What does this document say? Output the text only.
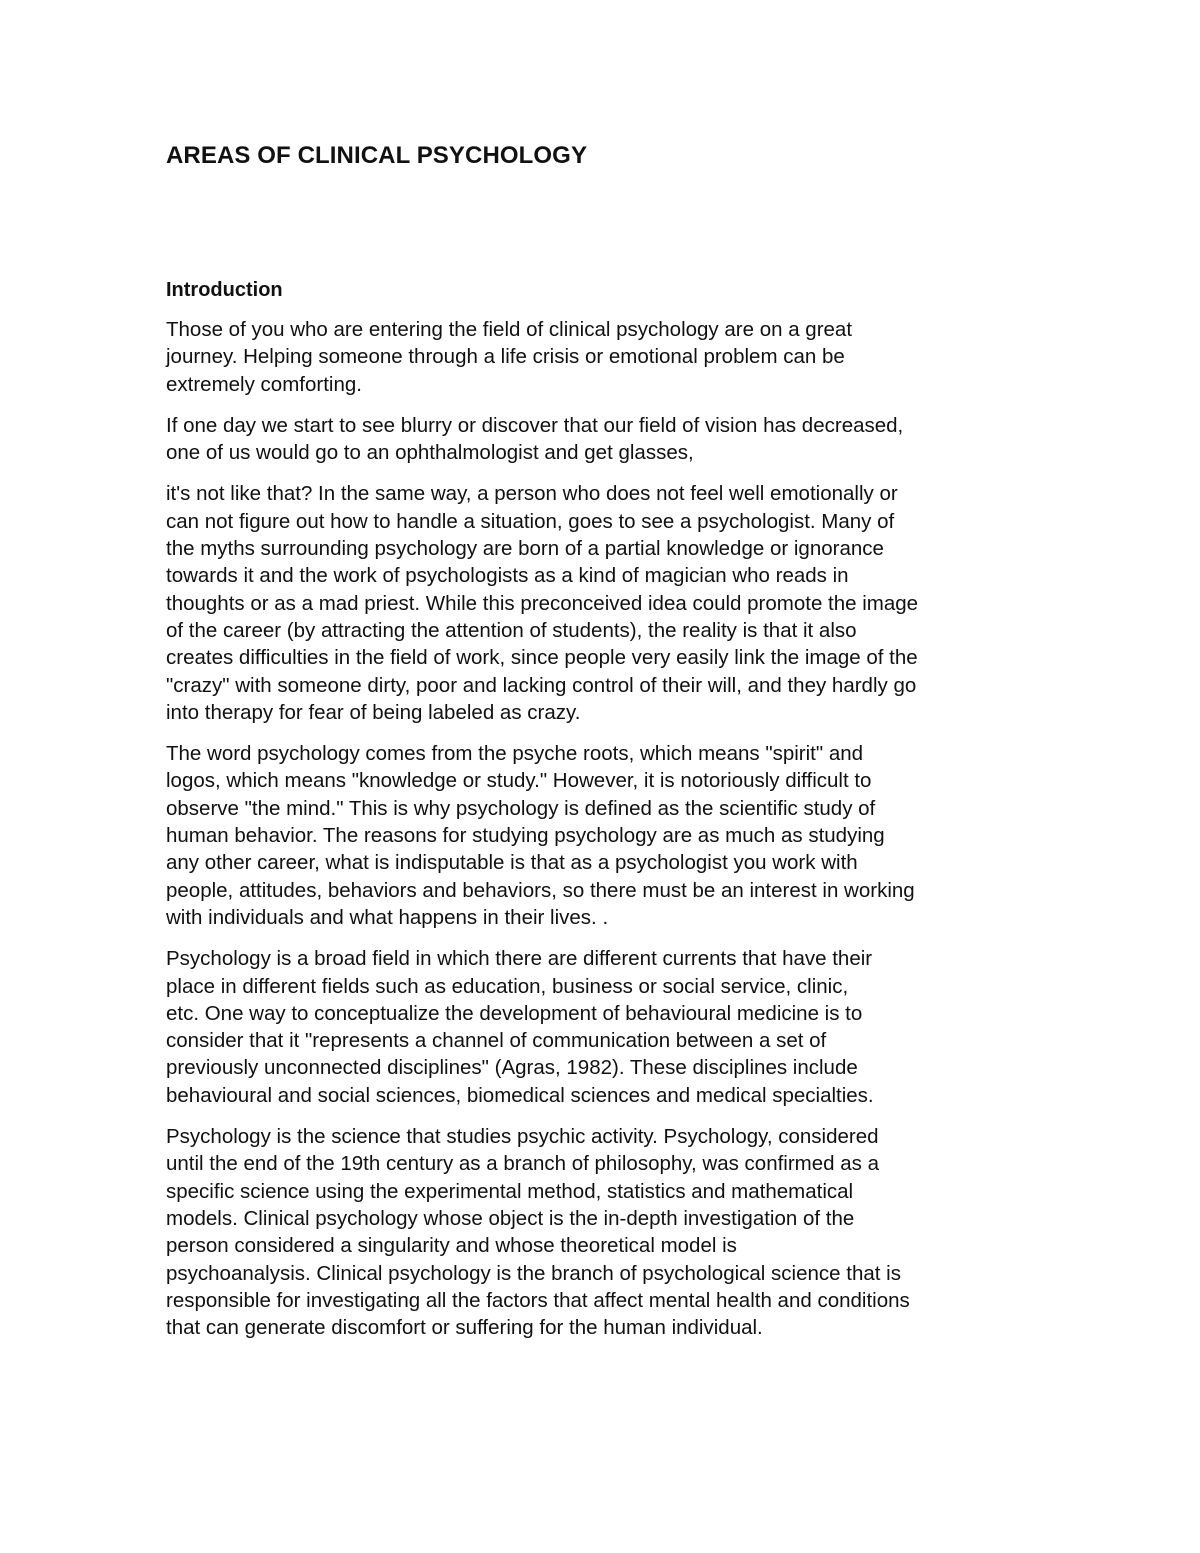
AREAS OF CLINICAL PSYCHOLOGY
Introduction

Those of you who are entering the field of clinical psychology are on a great
journey. Helping someone through a life crisis or emotional problem can be
extremely comforting.

If one day we start to see blurry or discover that our field of vision has decreased,
one of us would go to an ophthalmologist and get glasses,

it's not like that? In the same way, a person who does not feel well emotionally or
can not figure out how to handle a situation, goes to see a psychologist. Many of
the myths surrounding psychology are born of a partial knowledge or ignorance
towards it and the work of psychologists as a kind of magician who reads in
thoughts or as a mad priest. While this preconceived idea could promote the image
of the career (by attracting the attention of students), the reality is that it also
creates difficulties in the field of work, since people very easily link the image of the
"crazy" with someone dirty, poor and lacking control of their will, and they hardly go
into therapy for fear of being labeled as crazy.

The word psychology comes from the psyche roots, which means "spirit" and
logos, which means "knowledge or study." However, it is notoriously difficult to
observe "the mind." This is why psychology is defined as the scientific study of
human behavior. The reasons for studying psychology are as much as studying
any other career, what is indisputable is that as a psychologist you work with
people, attitudes, behaviors and behaviors, so there must be an interest in working
with individuals and what happens in their lives. .

Psychology is a broad field in which there are different currents that have their
place in different fields such as education, business or social service, clinic,
etc. One way to conceptualize the development of behavioural medicine is to
consider that it "represents a channel of communication between a set of
previously unconnected disciplines" (Agras, 1982). These disciplines include
behavioural and social sciences, biomedical sciences and medical specialties.

Psychology is the science that studies psychic activity. Psychology, considered
until the end of the 19th century as a branch of philosophy, was confirmed as a
specific science using the experimental method, statistics and mathematical
models. Clinical psychology whose object is the in-depth investigation of the
person considered a singularity and whose theoretical model is
psychoanalysis. Clinical psychology is the branch of psychological science that is
responsible for investigating all the factors that affect mental health and conditions
that can generate discomfort or suffering for the human individual.
